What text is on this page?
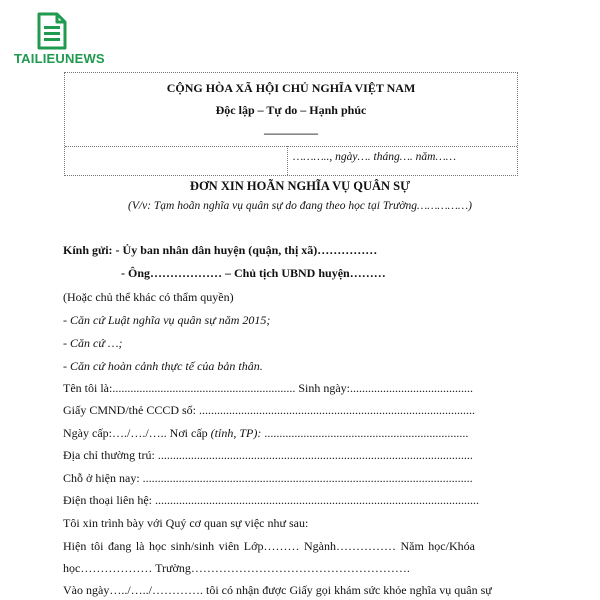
TAILIEUNEWS
CỘNG HÒA XÃ HỘI CHỦ NGHĨA VIỆT NAM
Độc lập – Tự do – Hạnh phúc
_________
……….., ngày…. tháng…. năm……
ĐƠN XIN HOÃN NGHĨA VỤ QUÂN SỰ
(V/v: Tạm hoãn nghĩa vụ quân sự do đang theo học tại Trường……………)
Kính gửi: - Ủy ban nhân dân huyện (quận, thị xã)……………
- Ông……………… – Chủ tịch UBND huyện………
(Hoặc chủ thể khác có thẩm quyền)
- Căn cứ Luật nghĩa vụ quân sự năm 2015;
- Căn cứ …;
- Căn cứ hoàn cảnh thực tế của bản thân.
Tên tôi là:............................................................. Sinh ngày:.........................................
Giấy CMND/thẻ CCCD số: ............................................................................................
Ngày cấp:…./…./….. Nơi cấp (tỉnh, TP): ....................................................................
Địa chỉ thường trú: .........................................................................................................
Chỗ ở hiện nay: ..............................................................................................................
Điện thoại liên hệ: ............................................................................................................
Tôi xin trình bày với Quý cơ quan sự việc như sau:
Hiện tôi đang là học sinh/sinh viên Lớp……… Ngành…………… Năm học/Khóa
học……………… Trường……………………………………………….
Vào ngày…../…../…………. tôi có nhận được Giấy gọi khám sức khỏe nghĩa vụ quân sự
